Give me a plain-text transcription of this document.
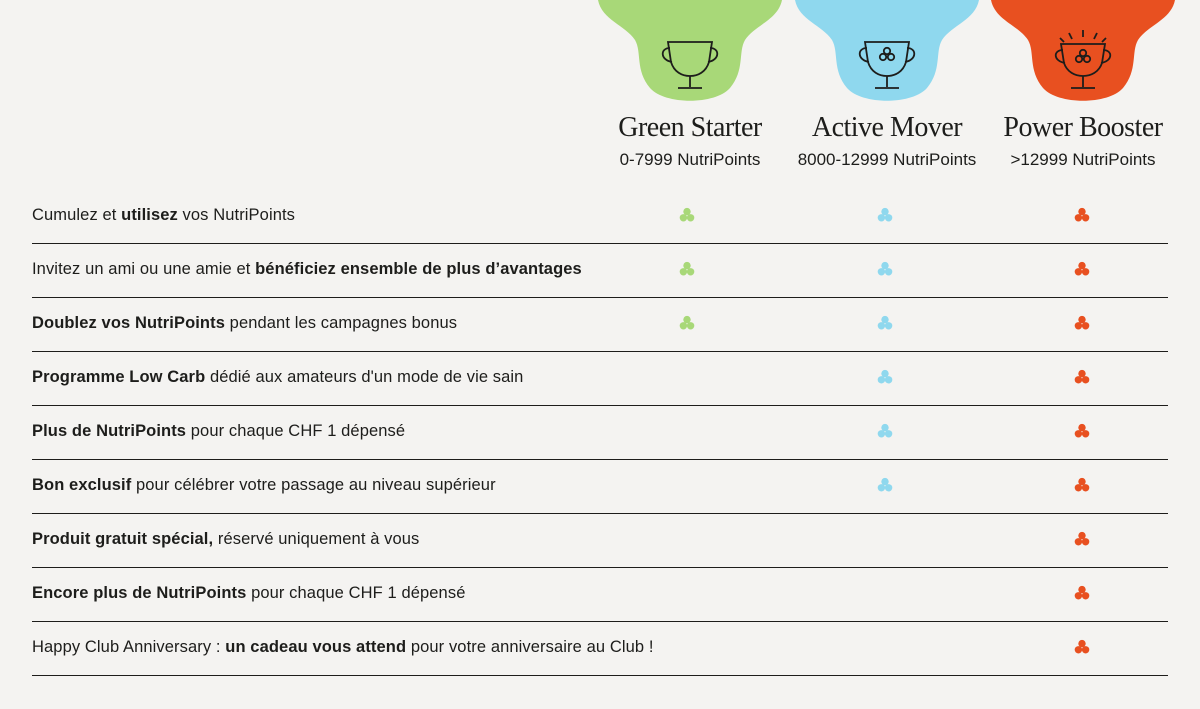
Green Starter
0-7999 NutriPoints
Active Mover
8000-12999 NutriPoints
Power Booster
>12999 NutriPoints
Cumulez et utilisez vos NutriPoints
Invitez un ami ou une amie et bénéficiez ensemble de plus d’avantages
Doublez vos NutriPoints pendant les campagnes bonus
Programme Low Carb dédié aux amateurs d'un mode de vie sain
Plus de NutriPoints pour chaque CHF 1 dépensé
Bon exclusif pour célébrer votre passage au niveau supérieur
Produit gratuit spécial, réservé uniquement à vous
Encore plus de NutriPoints pour chaque CHF 1 dépensé
Happy Club Anniversary : un cadeau vous attend pour votre anniversaire au Club !
